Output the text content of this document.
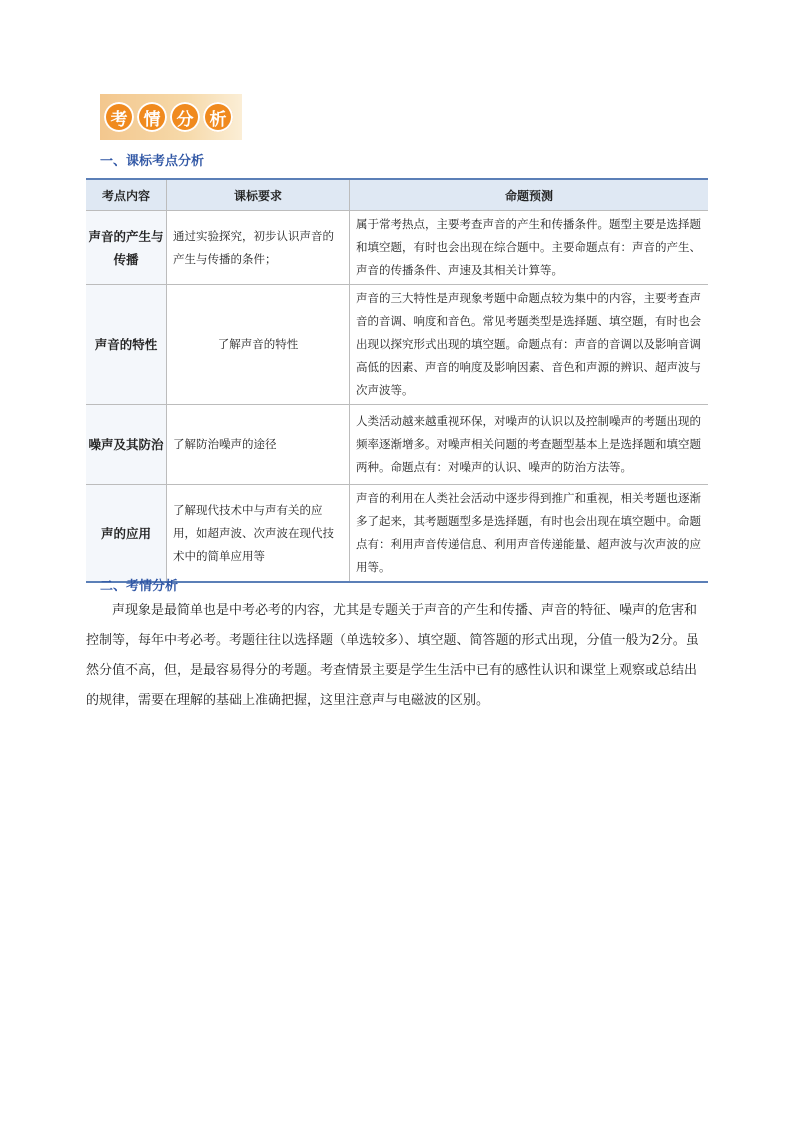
考 情 分 析
一、课标考点分析
考点内容	课标要求	命题预测
声音的产生与传播	通过实验探究，初步认识声音的产生与传播的条件；	属于常考热点，主要考查声音的产生和传播条件。题型主要是选择题和填空题，有时也会出现在综合题中。主要命题点有：声音的产生、声音的传播条件、声速及其相关计算等。
声音的特性	了解声音的特性	声音的三大特性是声现象考题中命题点较为集中的内容，主要考查声音的音调、响度和音色。常见考题类型是选择题、填空题，有时也会出现以探究形式出现的填空题。命题点有：声音的音调以及影响音调高低的因素、声音的响度及影响因素、音色和声源的辨识、超声波与次声波等。
噪声及其防治	了解防治噪声的途径	人类活动越来越重视环保，对噪声的认识以及控制噪声的考题出现的频率逐渐增多。对噪声相关问题的考查题型基本上是选择题和填空题两种。命题点有：对噪声的认识、噪声的防治方法等。
声的应用	了解现代技术中与声有关的应用，如超声波、次声波在现代技术中的简单应用等	声音的利用在人类社会活动中逐步得到推广和重视，相关考题也逐渐多了起来，其考题题型多是选择题，有时也会出现在填空题中。命题点有：利用声音传递信息、利用声音传递能量、超声波与次声波的应用等。
二、考情分析

声现象是最简单也是中考必考的内容，尤其是专题关于声音的产生和传播、声音的特征、噪声的危害和控制等，每年中考必考。考题往往以选择题（单选较多）、填空题、简答题的形式出现，分值一般为2分。虽然分值不高，但，是最容易得分的考题。考查情景主要是学生生活中已有的感性认识和课堂上观察或总结出的规律，需要在理解的基础上准确把握，这里注意声与电磁波的区别。
